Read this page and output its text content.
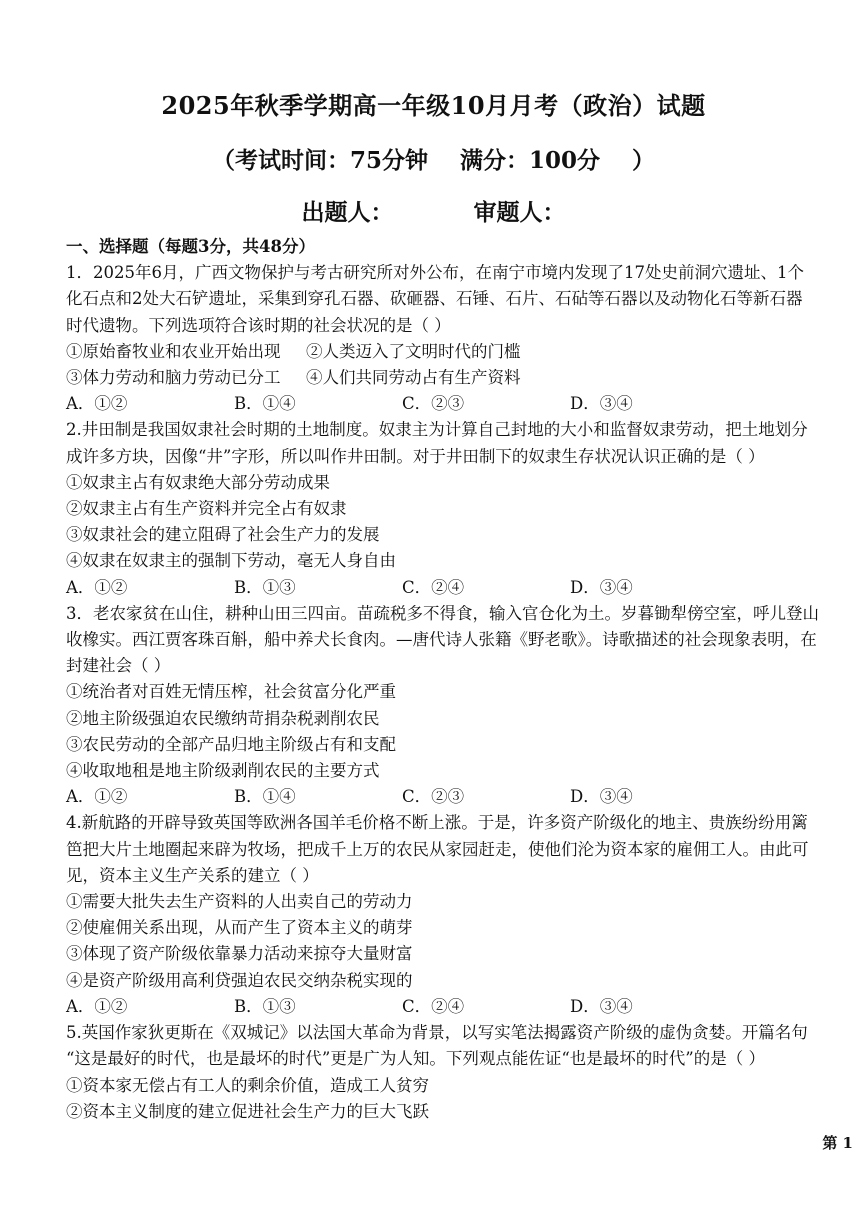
2025年秋季学期高一年级10月月考（政治）试题
（考试时间：75分钟    满分：100分    ）
出题人：          审题人：
一、选择题（每题3分，共48分）
1．2025年6月，广西文物保护与考古研究所对外公布，在南宁市境内发现了17处史前洞穴遗址、1个
化石点和2处大石铲遗址，采集到穿孔石器、砍砸器、石锤、石片、石砧等石器以及动物化石等新石器
时代遗物。下列选项符合该时期的社会状况的是（ ）
①原始畜牧业和农业开始出现	②人类迈入了文明时代的门槛
③体力劳动和脑力劳动已分工	④人们共同劳动占有生产资料
A．①②	B．①④	C．②③	D．③④
2.井田制是我国奴隶社会时期的土地制度。奴隶主为计算自己封地的大小和监督奴隶劳动，把土地划分
成许多方块，因像“井”字形，所以叫作井田制。对于井田制下的奴隶生存状况认识正确的是（ ）
①奴隶主占有奴隶绝大部分劳动成果
②奴隶主占有生产资料并完全占有奴隶
③奴隶社会的建立阻碍了社会生产力的发展
④奴隶在奴隶主的强制下劳动，毫无人身自由
A．①②	B．①③	C．②④	D．③④
3．老农家贫在山住，耕种山田三四亩。苗疏税多不得食，输入官仓化为土。岁暮锄犁傍空室，呼儿登山
收橡实。西江贾客珠百斛，船中养犬长食肉。—唐代诗人张籍《野老歌》。诗歌描述的社会现象表明，在
封建社会（ ）
①统治者对百姓无情压榨，社会贫富分化严重
②地主阶级强迫农民缴纳苛捐杂税剥削农民
③农民劳动的全部产品归地主阶级占有和支配
④收取地租是地主阶级剥削农民的主要方式
A．①②	B．①④	C．②③	D．③④
4.新航路的开辟导致英国等欧洲各国羊毛价格不断上涨。于是，许多资产阶级化的地主、贵族纷纷用篱
笆把大片土地圈起来辟为牧场，把成千上万的农民从家园赶走，使他们沦为资本家的雇佣工人。由此可
见，资本主义生产关系的建立（ ）
①需要大批失去生产资料的人出卖自己的劳动力
②使雇佣关系出现，从而产生了资本主义的萌芽
③体现了资产阶级依靠暴力活动来掠夺大量财富
④是资产阶级用高利贷强迫农民交纳杂税实现的
A．①②	B．①③	C．②④	D．③④
5.英国作家狄更斯在《双城记》以法国大革命为背景，以写实笔法揭露资产阶级的虚伪贪婪。开篇名句
“这是最好的时代，也是最坏的时代”更是广为人知。下列观点能佐证“也是最坏的时代”的是（ ）
①资本家无偿占有工人的剩余价值，造成工人贫穷
②资本主义制度的建立促进社会生产力的巨大飞跃
第 1
